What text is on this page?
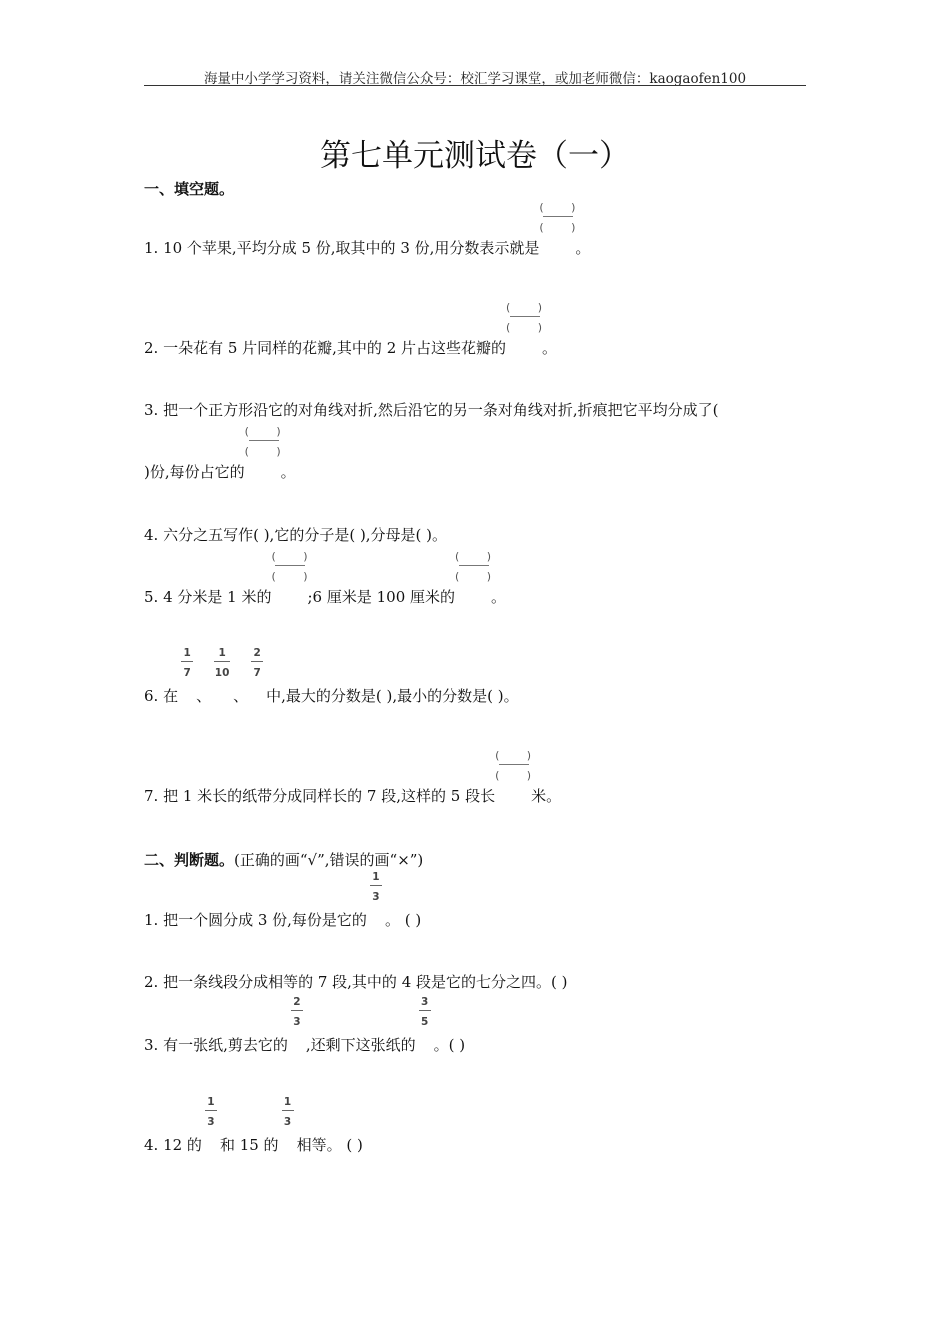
海量中小学学习资料，请关注微信公众号：校汇学习课堂，或加老师微信：kaogaofen100
第七单元测试卷（一）
一、填空题。
1. 10 个苹果,平均分成 5 份,取其中的 3 份,用分数表示就是 $\frac{( )}{( )}$ 。
2. 一朵花有 5 片同样的花瓣,其中的 2 片占这些花瓣的 $\frac{( )}{( )}$ 。
3. 把一个正方形沿它的对角线对折,然后沿它的另一条对角线对折,折痕把它平均分成了(
)份,每份占它的 $\frac{( )}{( )}$ 。
4. 六分之五写作( ),它的分子是( ),分母是( )。
5. 4 分米是 1 米的 $\frac{( )}{( )}$ ;6 厘米是 100 厘米的 $\frac{( )}{( )}$ 。
6. 在 $\frac{1}{7}$ 、 $\frac{1}{10}$ 、 $\frac{2}{7}$ 中,最大的分数是( ),最小的分数是( )。
7. 把 1 米长的纸带分成同样长的 7 段,这样的 5 段长 $\frac{( )}{( )}$ 米。
二、判断题。(正确的画“√”,错误的画“×”)
1. 把一个圆分成 3 份,每份是它的 $\frac{1}{3}$ 。 ( )
2. 把一条线段分成相等的 7 段,其中的 4 段是它的七分之四。( )
3. 有一张纸,剪去它的 $\frac{2}{3}$ ,还剩下这张纸的 $\frac{3}{5}$ 。( )
4. 12 的 $\frac{1}{3}$ 和 15 的 $\frac{1}{3}$ 相等。 ( )
